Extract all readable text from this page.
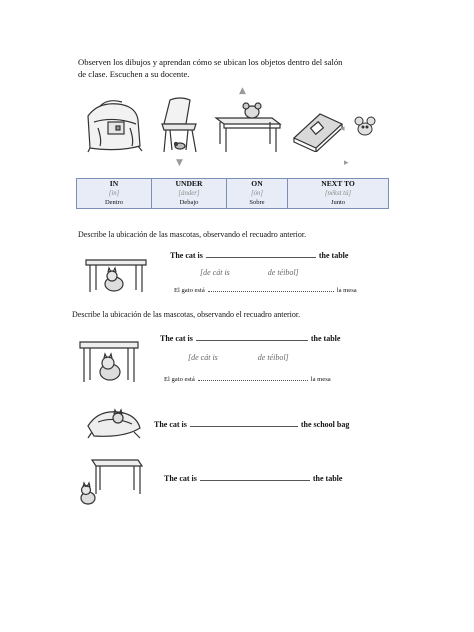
Observen los dibujos y aprendan cómo se ubican los objetos dentro del salón
de clase. Escuchen a su docente.
▲
▼
◂
▸
IN	UNDER	ON	NEXT TO
[in]	[ánder]	[ón]	[nékst tú]
Dentro	Debajo	Sobre	Junto
Describe la ubicación de las mascotas, observando el recuadro anterior.
The cat is	the table
[de cát is	de téibol]
El gato está	la mesa
Describe la ubicación de las mascotas, observando el recuadro anterior.
The cat is	the table
[de cát is	de téibol]
El gato está	la mesa
The cat is	the school bag
The cat is	the table
